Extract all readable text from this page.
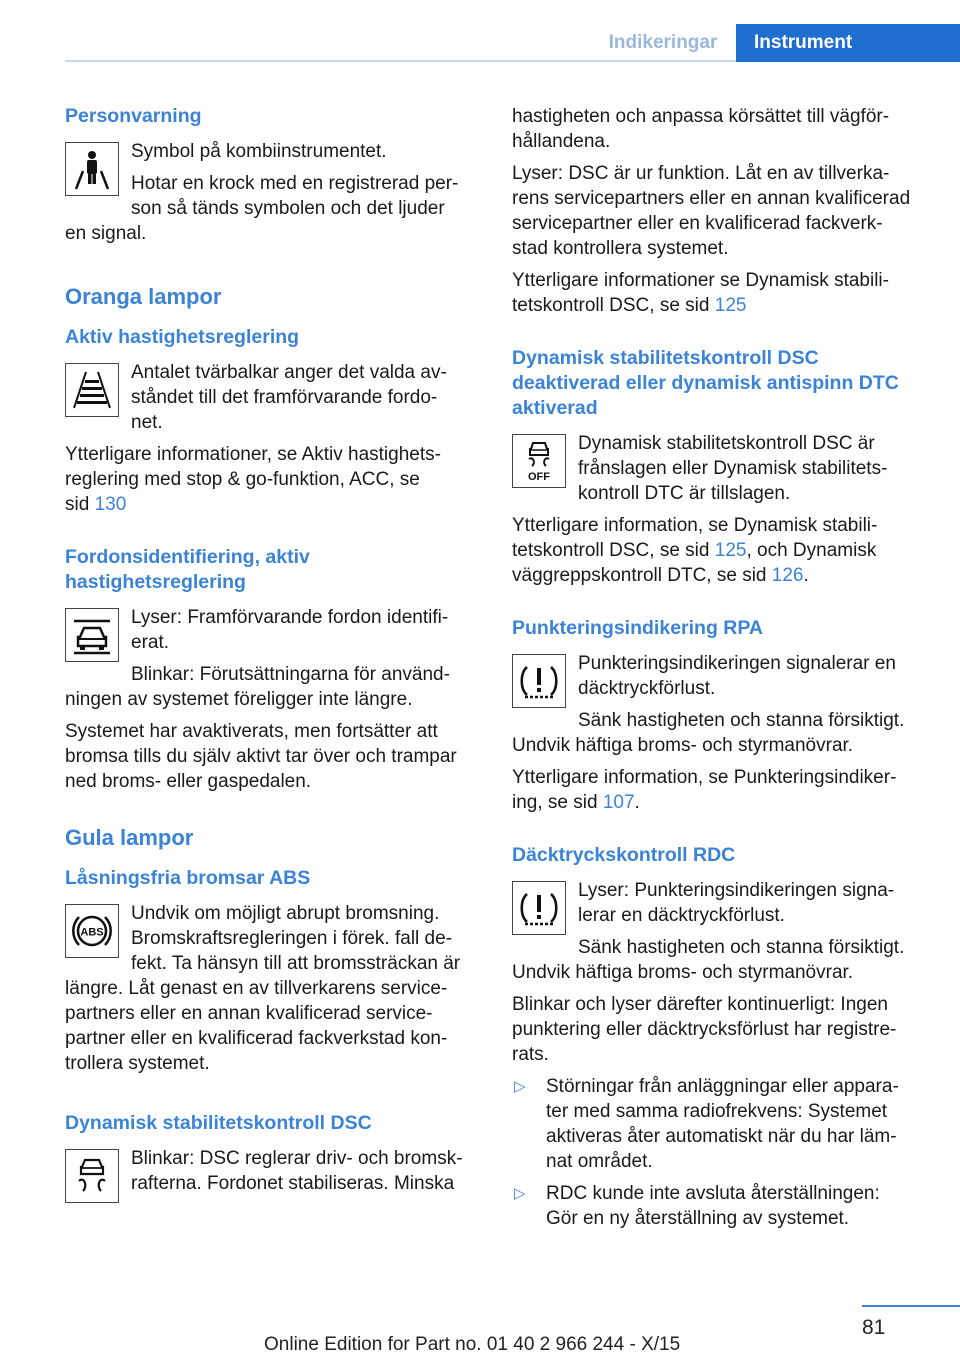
Indikeringar	Instrument
Personvarning

Symbol på kombiinstrumentet.

Hotar en krock med en registrerad per‐
son så tänds symbolen och det ljuder
en signal.

Oranga lampor
Aktiv hastighetsreglering

Antalet tvärbalkar anger det valda av‐
ståndet till det framförvarande fordo‐
net.

Ytterligare informationer, se Aktiv hastighets‐
reglering med stop & go-funktion, ACC, se
sid 130

Fordonsidentifiering, aktiv
hastighetsreglering

Lyser: Framförvarande fordon identifi‐
erat.

Blinkar: Förutsättningarna för använd‐
ningen av systemet föreligger inte längre.

Systemet har avaktiverats, men fortsätter att
bromsa tills du själv aktivt tar över och trampar
ned broms- eller gaspedalen.

Gula lampor
Låsningsfria bromsar ABS
ABS

Undvik om möjligt abrupt bromsning.
Bromskraftsregleringen i förek. fall de‐
fekt. Ta hänsyn till att bromssträckan är
längre. Låt genast en av tillverkarens service‐
partners eller en annan kvalificerad service‐
partner eller en kvalificerad fackverkstad kon‐
trollera systemet.

Dynamisk stabilitetskontroll DSC

Blinkar: DSC reglerar driv- och bromsk‐
rafterna. Fordonet stabiliseras. Minska

hastigheten och anpassa körsättet till vägför‐
hållandena.

Lyser: DSC är ur funktion. Låt en av tillverka‐
rens servicepartners eller en annan kvalificerad
servicepartner eller en kvalificerad fackverk‐
stad kontrollera systemet.

Ytterligare informationer se Dynamisk stabili‐
tetskontroll DSC, se sid 125

Dynamisk stabilitetskontroll DSC
deaktiverad eller dynamisk antispinn DTC
aktiverad
OFF

Dynamisk stabilitetskontroll DSC är
frånslagen eller Dynamisk stabilitets‐
kontroll DTC är tillslagen.

Ytterligare information, se Dynamisk stabili‐
tetskontroll DSC, se sid 125, och Dynamisk
väggreppskontroll DTC, se sid 126.

Punkteringsindikering RPA

Punkteringsindikeringen signalerar en
däcktryckförlust.

Sänk hastigheten och stanna försiktigt.
Undvik häftiga broms- och styrmanövrar.

Ytterligare information, se Punkteringsindiker‐
ing, se sid 107.

Däcktryckskontroll RDC

Lyser: Punkteringsindikeringen signa‐
lerar en däcktryckförlust.

Sänk hastigheten och stanna försiktigt.
Undvik häftiga broms- och styrmanövrar.

Blinkar och lyser därefter kontinuerligt: Ingen
punktering eller däcktrycksförlust har registre‐
rats.

▷ Störningar från anläggningar eller appara‐
ter med samma radiofrekvens: Systemet
aktiveras åter automatiskt när du har läm‐
nat området.
▷ RDC kunde inte avsluta återställningen:
Gör en ny återställning av systemet.
81
Online Edition for Part no. 01 40 2 966 244 - X/15
